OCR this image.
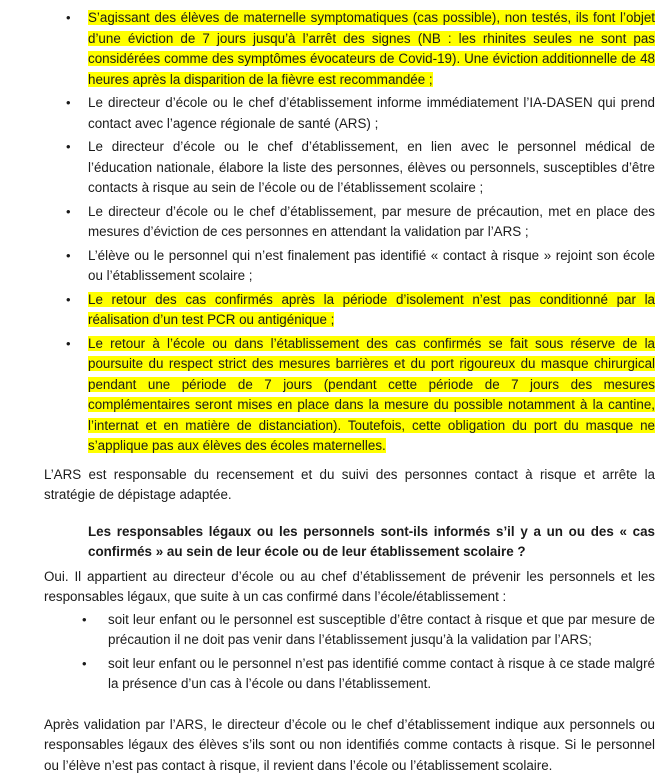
• S’agissant des élèves de maternelle symptomatiques (cas possible), non testés, ils font l’objet d’une éviction de 7 jours jusqu’à l’arrêt des signes (NB : les rhinites seules ne sont pas considérées comme des symptômes évocateurs de Covid-19). Une éviction additionnelle de 48 heures après la disparition de la fièvre est recommandée ;
• Le directeur d’école ou le chef d’établissement informe immédiatement l’IA-DASEN qui prend contact avec l’agence régionale de santé (ARS) ;
• Le directeur d’école ou le chef d’établissement, en lien avec le personnel médical de l’éducation nationale, élabore la liste des personnes, élèves ou personnels, susceptibles d’être contacts à risque au sein de l’école ou de l’établissement scolaire ;
• Le directeur d’école ou le chef d’établissement, par mesure de précaution, met en place des mesures d’éviction de ces personnes en attendant la validation par l’ARS ;
• L’élève ou le personnel qui n’est finalement pas identifié « contact à risque » rejoint son école ou l’établissement scolaire ;
• Le retour des cas confirmés après la période d’isolement n’est pas conditionné par la réalisation d’un test PCR ou antigénique ;
• Le retour à l’école ou dans l’établissement des cas confirmés se fait sous réserve de la poursuite du respect strict des mesures barrières et du port rigoureux du masque chirurgical pendant une période de 7 jours (pendant cette période de 7 jours des mesures complémentaires seront mises en place dans la mesure du possible notamment à la cantine, l’internat et en matière de distanciation). Toutefois, cette obligation du port du masque ne s’applique pas aux élèves des écoles maternelles.

L’ARS est responsable du recensement et du suivi des personnes contact à risque et arrête la stratégie de dépistage adaptée.

Les responsables légaux ou les personnels sont-ils informés s’il y a un ou des « cas confirmés » au sein de leur école ou de leur établissement scolaire ?

Oui. Il appartient au directeur d’école ou au chef d’établissement de prévenir les personnels et les responsables légaux, que suite à un cas confirmé dans l’école/établissement :

• soit leur enfant ou le personnel est susceptible d’être contact à risque et que par mesure de précaution il ne doit pas venir dans l’établissement jusqu’à la validation par l’ARS;
• soit leur enfant ou le personnel n’est pas identifié comme contact à risque à ce stade malgré la présence d’un cas à l’école ou dans l’établissement.

Après validation par l’ARS, le directeur d’école ou le chef d’établissement indique aux personnels ou responsables légaux des élèves s’ils sont ou non identifiés comme contacts à risque. Si le personnel ou l’élève n’est pas contact à risque, il revient dans l’école ou l’établissement scolaire.
